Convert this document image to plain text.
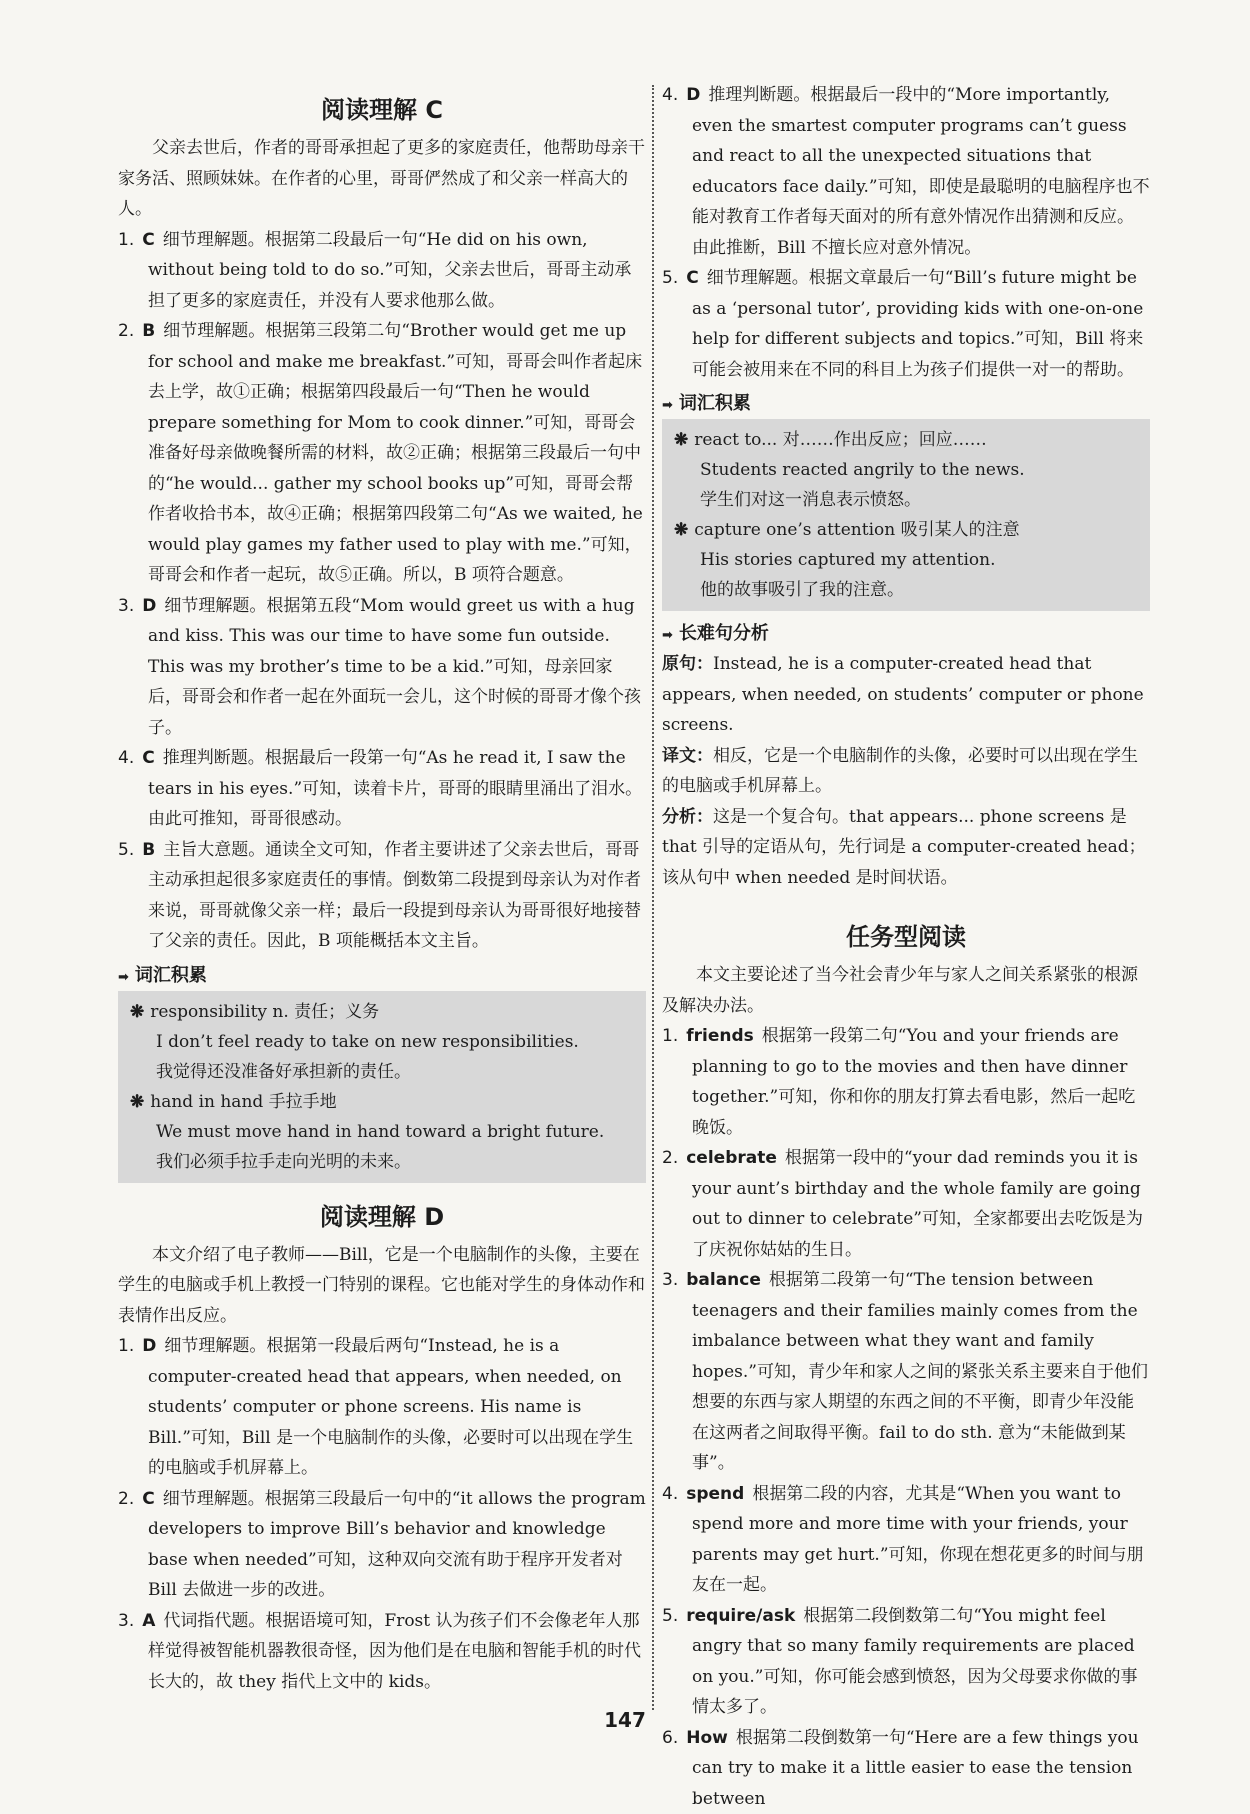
阅读理解 C

父亲去世后，作者的哥哥承担起了更多的家庭责任，他帮助母亲干家务活、照顾妹妹。在作者的心里，哥哥俨然成了和父亲一样高大的人。

1. C 细节理解题。根据第二段最后一句“He did on his own, without being told to do so.”可知，父亲去世后，哥哥主动承担了更多的家庭责任，并没有人要求他那么做。

2. B 细节理解题。根据第三段第二句“Brother would get me up for school and make me breakfast.”可知，哥哥会叫作者起床去上学，故①正确；根据第四段最后一句“Then he would prepare something for Mom to cook dinner.”可知，哥哥会准备好母亲做晚餐所需的材料，故②正确；根据第三段最后一句中的“he would... gather my school books up”可知，哥哥会帮作者收拾书本，故④正确；根据第四段第二句“As we waited, he would play games my father used to play with me.”可知，哥哥会和作者一起玩，故⑤正确。所以，B 项符合题意。

3. D 细节理解题。根据第五段“Mom would greet us with a hug and kiss. This was our time to have some fun outside. This was my brother’s time to be a kid.”可知，母亲回家后，哥哥会和作者一起在外面玩一会儿，这个时候的哥哥才像个孩子。

4. C 推理判断题。根据最后一段第一句“As he read it, I saw the tears in his eyes.”可知，读着卡片，哥哥的眼睛里涌出了泪水。由此可推知，哥哥很感动。

5. B 主旨大意题。通读全文可知，作者主要讲述了父亲去世后，哥哥主动承担起很多家庭责任的事情。倒数第二段提到母亲认为对作者来说，哥哥就像父亲一样；最后一段提到母亲认为哥哥很好地接替了父亲的责任。因此，B 项能概括本文主旨。

➡ 词汇积累

❋ responsibility n. 责任；义务

I don’t feel ready to take on new responsibilities.

我觉得还没准备好承担新的责任。

❋ hand in hand 手拉手地

We must move hand in hand toward a bright future.

我们必须手拉手走向光明的未来。

阅读理解 D

本文介绍了电子教师——Bill，它是一个电脑制作的头像，主要在学生的电脑或手机上教授一门特别的课程。它也能对学生的身体动作和表情作出反应。

1. D 细节理解题。根据第一段最后两句“Instead, he is a computer-created head that appears, when needed, on students’ computer or phone screens. His name is Bill.”可知，Bill 是一个电脑制作的头像，必要时可以出现在学生的电脑或手机屏幕上。

2. C 细节理解题。根据第三段最后一句中的“it allows the program developers to improve Bill’s behavior and knowledge base when needed”可知，这种双向交流有助于程序开发者对 Bill 去做进一步的改进。

3. A 代词指代题。根据语境可知，Frost 认为孩子们不会像老年人那样觉得被智能机器教很奇怪，因为他们是在电脑和智能手机的时代长大的，故 they 指代上文中的 kids。

4. D 推理判断题。根据最后一段中的“More importantly, even the smartest computer programs can’t guess and react to all the unexpected situations that educators face daily.”可知，即使是最聪明的电脑程序也不能对教育工作者每天面对的所有意外情况作出猜测和反应。由此推断，Bill 不擅长应对意外情况。

5. C 细节理解题。根据文章最后一句“Bill’s future might be as a ‘personal tutor’, providing kids with one-on-one help for different subjects and topics.”可知，Bill 将来可能会被用来在不同的科目上为孩子们提供一对一的帮助。

➡ 词汇积累

❋ react to... 对……作出反应；回应……

Students reacted angrily to the news.

学生们对这一消息表示愤怒。

❋ capture one’s attention 吸引某人的注意

His stories captured my attention.

他的故事吸引了我的注意。

➡ 长难句分析

原句：Instead, he is a computer-created head that appears, when needed, on students’ computer or phone screens.

译文：相反，它是一个电脑制作的头像，必要时可以出现在学生的电脑或手机屏幕上。

分析：这是一个复合句。that appears... phone screens 是 that 引导的定语从句，先行词是 a computer-created head；该从句中 when needed 是时间状语。

任务型阅读

本文主要论述了当今社会青少年与家人之间关系紧张的根源及解决办法。

1. friends 根据第一段第二句“You and your friends are planning to go to the movies and then have dinner together.”可知，你和你的朋友打算去看电影，然后一起吃晚饭。

2. celebrate 根据第一段中的“your dad reminds you it is your aunt’s birthday and the whole family are going out to dinner to celebrate”可知，全家都要出去吃饭是为了庆祝你姑姑的生日。

3. balance 根据第二段第一句“The tension between teenagers and their families mainly comes from the imbalance between what they want and family hopes.”可知，青少年和家人之间的紧张关系主要来自于他们想要的东西与家人期望的东西之间的不平衡，即青少年没能在这两者之间取得平衡。fail to do sth. 意为“未能做到某事”。

4. spend 根据第二段的内容，尤其是“When you want to spend more and more time with your friends, your parents may get hurt.”可知，你现在想花更多的时间与朋友在一起。

5. require/ask 根据第二段倒数第二句“You might feel angry that so many family requirements are placed on you.”可知，你可能会感到愤怒，因为父母要求你做的事情太多了。

6. How 根据第二段倒数第一句“Here are a few things you can try to make it a little easier to ease the tension between

147
